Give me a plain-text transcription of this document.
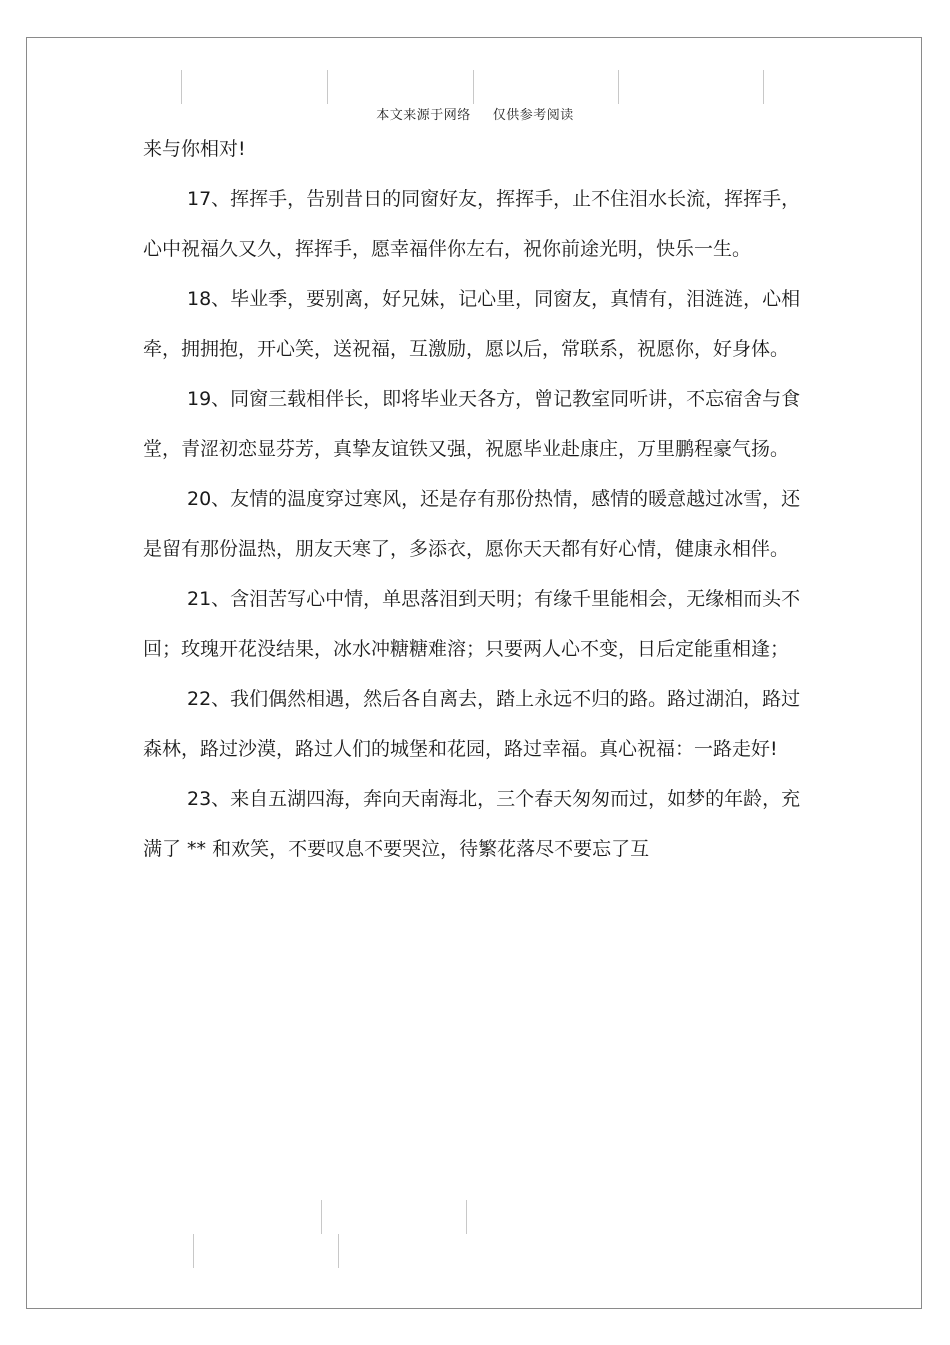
本文来源于网络 仅供参考阅读

来与你相对!

17、挥挥手，告别昔日的同窗好友，挥挥手，止不住泪水长流，挥挥手，心中祝福久又久，挥挥手，愿幸福伴你左右，祝你前途光明，快乐一生。

18、毕业季，要别离，好兄妹，记心里，同窗友，真情有，泪涟涟，心相牵，拥拥抱，开心笑，送祝福，互激励，愿以后，常联系，祝愿你，好身体。

19、同窗三载相伴长，即将毕业天各方，曾记教室同听讲，不忘宿舍与食堂，青涩初恋显芬芳，真挚友谊铁又强，祝愿毕业赴康庄，万里鹏程豪气扬。

20、友情的温度穿过寒风，还是存有那份热情，感情的暖意越过冰雪，还是留有那份温热，朋友天寒了，多添衣，愿你天天都有好心情，健康永相伴。

21、含泪苦写心中情，单思落泪到天明；有缘千里能相会，无缘相而头不回；玫瑰开花没结果，冰水冲糖糖难溶；只要两人心不变，日后定能重相逢；

22、我们偶然相遇，然后各自离去，踏上永远不归的路。路过湖泊，路过森林，路过沙漠，路过人们的城堡和花园，路过幸福。真心祝福：一路走好!

23、来自五湖四海，奔向天南海北，三个春天匆匆而过，如梦的年龄，充满了 ** 和欢笑，不要叹息不要哭泣，待繁花落尽不要忘了互
